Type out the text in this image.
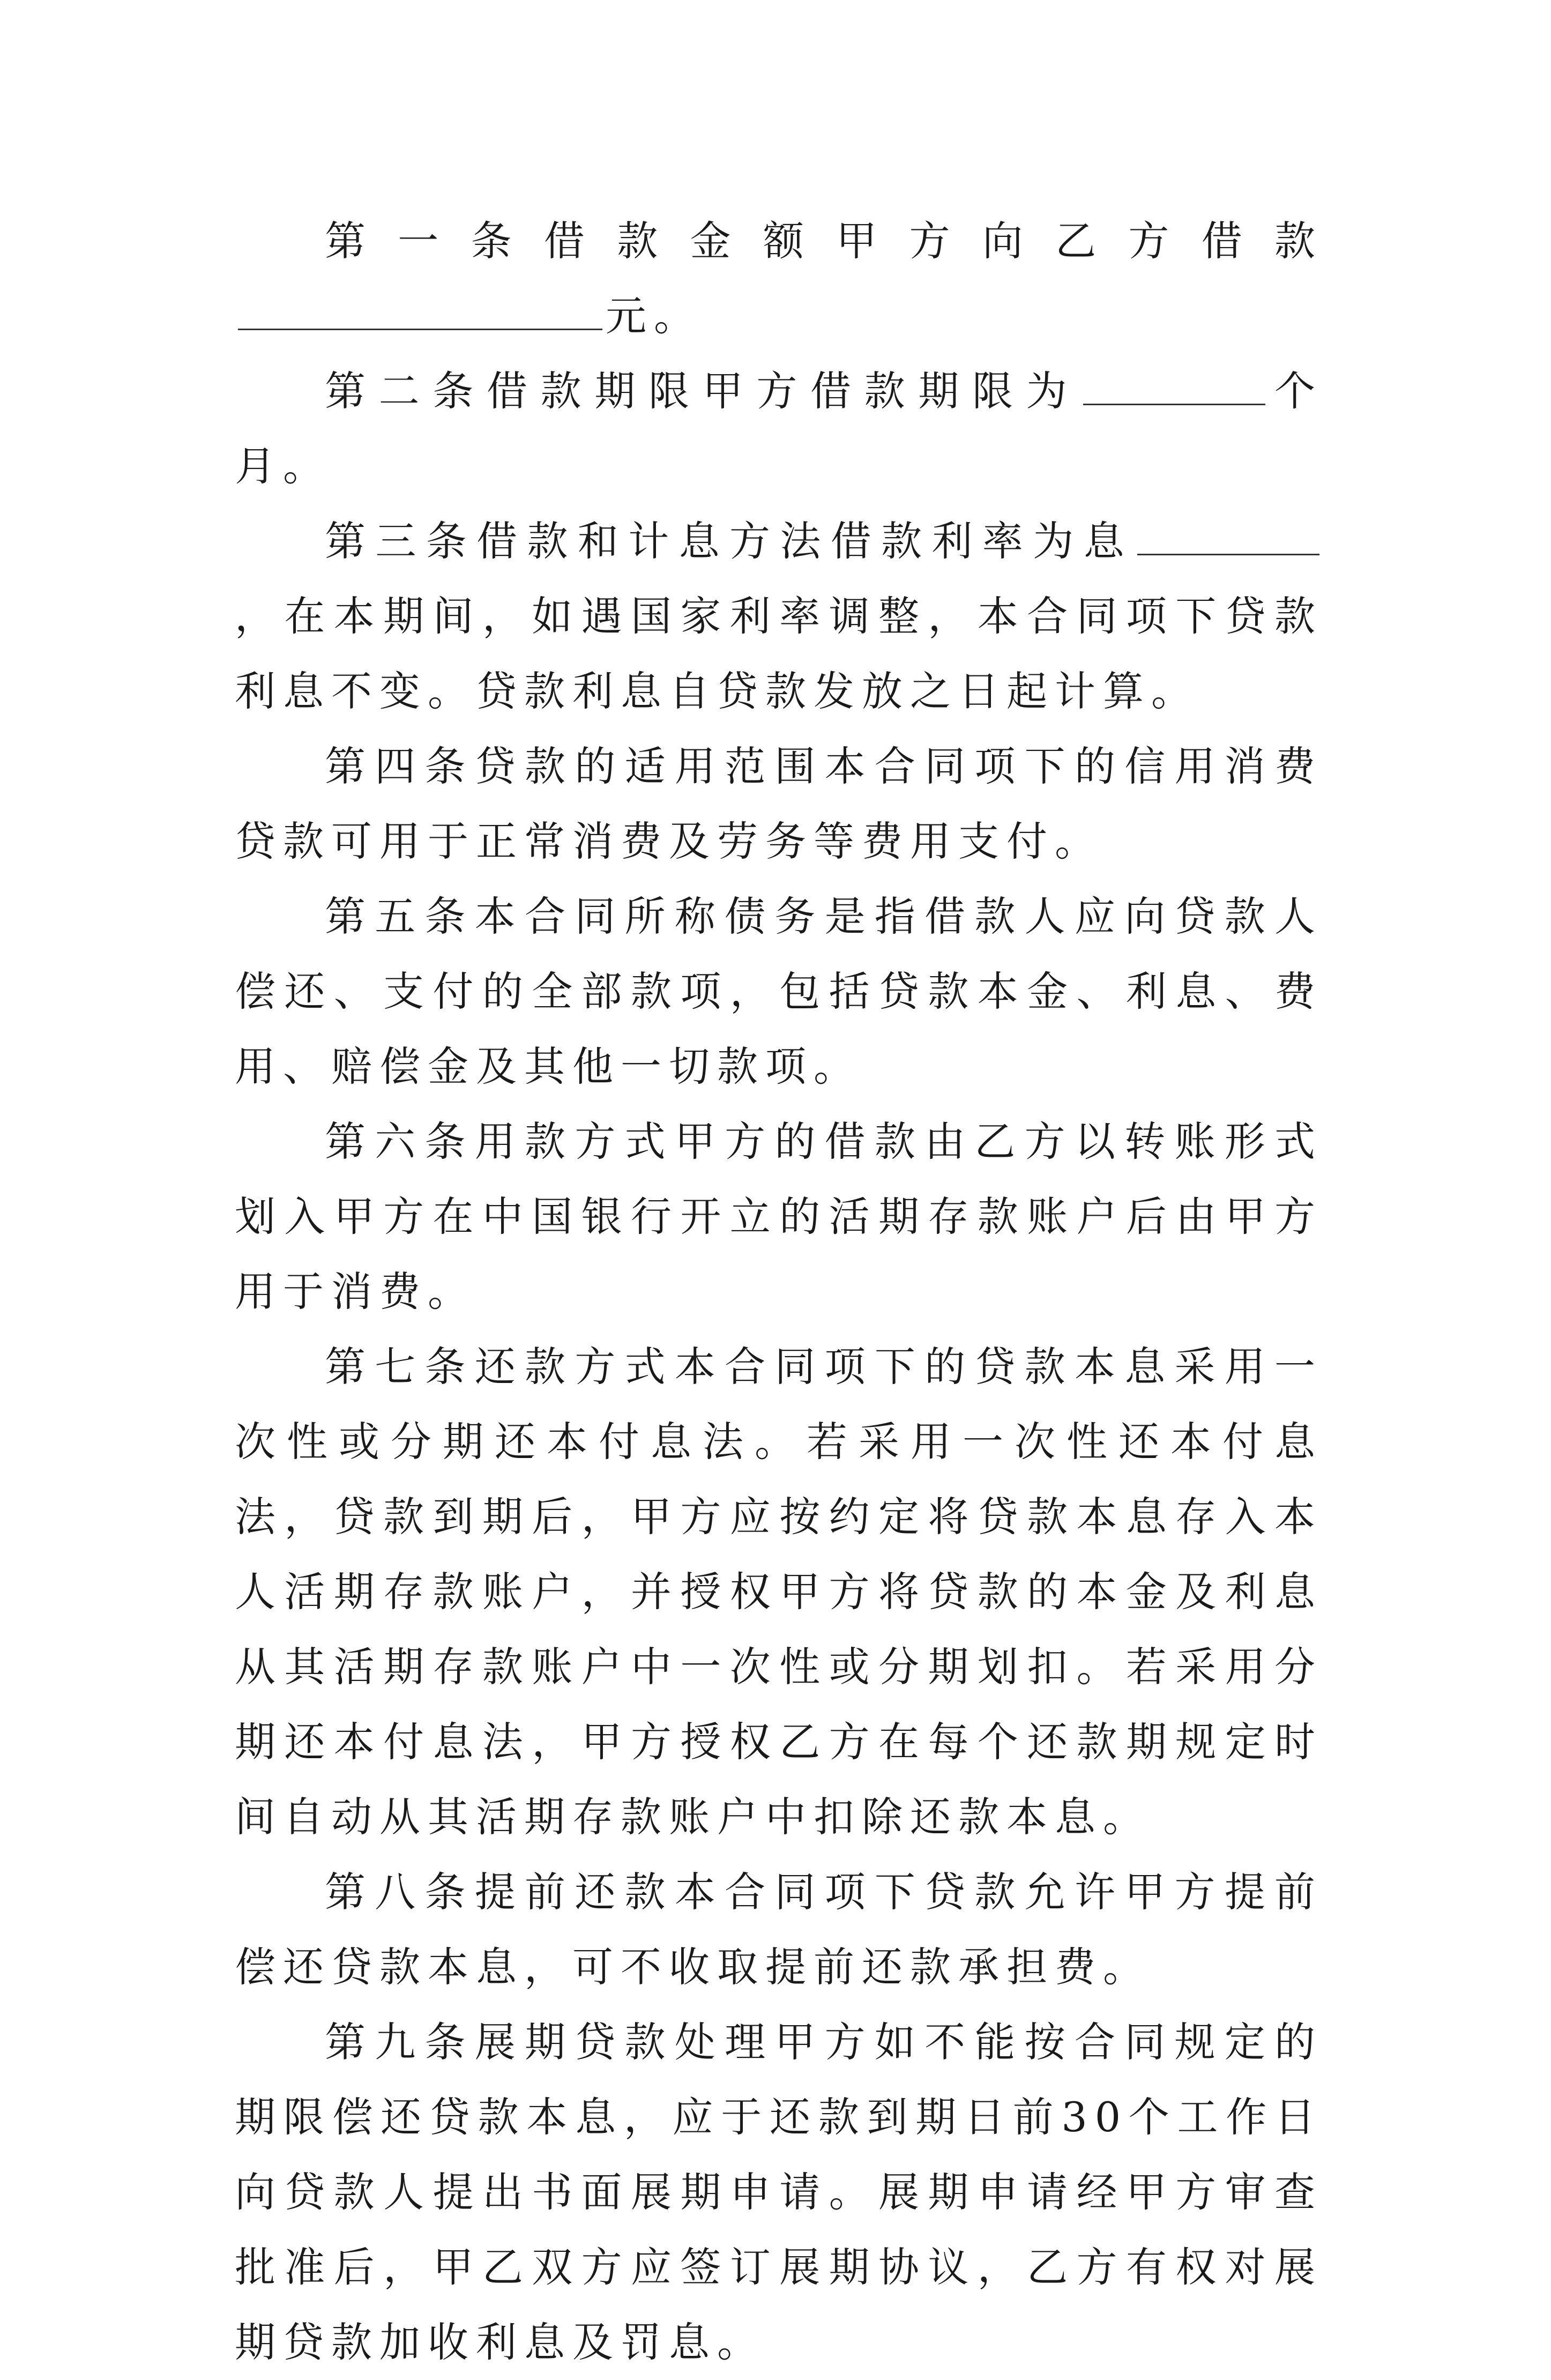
第一条借款金额甲方向乙方借款元。

第二条借款期限甲方借款期限为	个月。

第三条借款和计息方法借款利率为息，在本期间，如遇国家利率调整，本合同项下贷款利息不变。贷款利息自贷款发放之日起计算。

第四条贷款的适用范围本合同项下的信用消费贷款可用于正常消费及劳务等费用支付。

第五条本合同所称债务是指借款人应向贷款人偿还、支付的全部款项，包括贷款本金、利息、费用、赔偿金及其他一切款项。

第六条用款方式甲方的借款由乙方以转账形式划入甲方在中国银行开立的活期存款账户后由甲方用于消费。

第七条还款方式本合同项下的贷款本息采用一次性或分期还本付息法。若采用一次性还本付息法，贷款到期后，甲方应按约定将贷款本息存入本人活期存款账户，并授权甲方将贷款的本金及利息从其活期存款账户中一次性或分期划扣。若采用分期还本付息法，甲方授权乙方在每个还款期规定时间自动从其活期存款账户中扣除还款本息。

第八条提前还款本合同项下贷款允许甲方提前偿还贷款本息，可不收取提前还款承担费。

第九条展期贷款处理甲方如不能按合同规定的期限偿还贷款本息，应于还款到期日前30个工作日向贷款人提出书面展期申请。展期申请经甲方审查批准后，甲乙双方应签订展期协议，乙方有权对展期贷款加收利息及罚息。
